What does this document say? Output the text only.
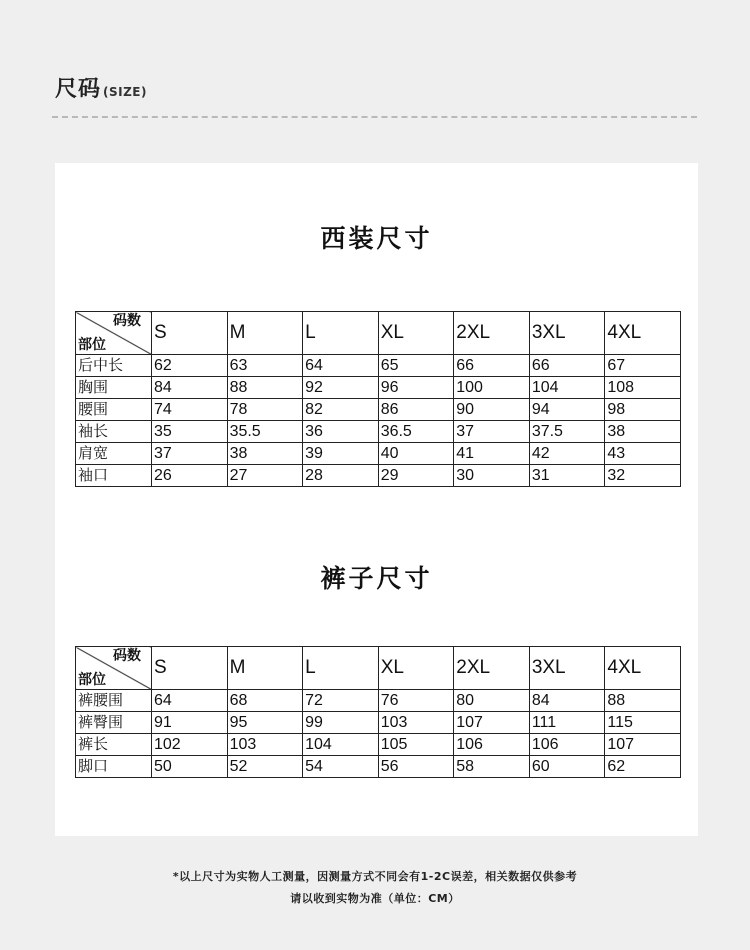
尺码 (SIZE)
西装尺寸
码数
部位	S	M	L	XL	2XL	3XL	4XL
后中长	62	63	64	65	66	66	67
胸围	84	88	92	96	100	104	108
腰围	74	78	82	86	90	94	98
袖长	35	35.5	36	36.5	37	37.5	38
肩宽	37	38	39	40	41	42	43
袖口	26	27	28	29	30	31	32
裤子尺寸
码数
部位	S	M	L	XL	2XL	3XL	4XL
裤腰围	64	68	72	76	80	84	88
裤臀围	91	95	99	103	107	111	115
裤长	102	103	104	105	106	106	107
脚口	50	52	54	56	58	60	62
*以上尺寸为实物人工测量，因测量方式不同会有1-2C误差，相关数据仅供参考
请以收到实物为准（单位：CM）
